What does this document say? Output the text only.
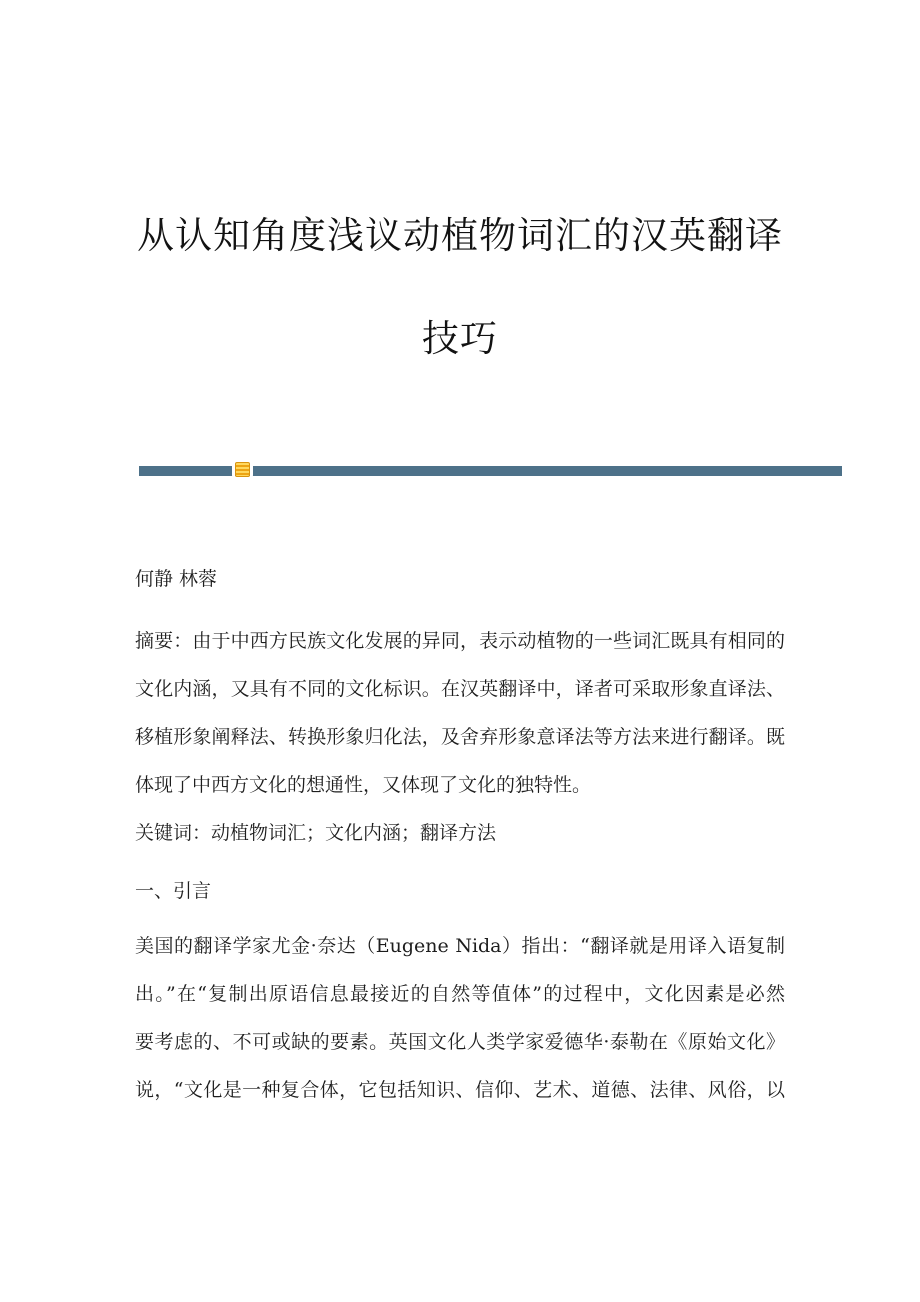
从认知角度浅议动植物词汇的汉英翻译
技巧
何静 林蓉
摘要：由于中西方民族文化发展的异同，表示动植物的一些词汇既具有相同的
文化内涵，又具有不同的文化标识。在汉英翻译中，译者可采取形象直译法、
移植形象阐释法、转换形象归化法，及舍弃形象意译法等方法来进行翻译。既
体现了中西方文化的想通性，又体现了文化的独特性。
关键词：动植物词汇；文化内涵；翻译方法
一、引言
美国的翻译学家尤金·奈达（Eugene Nida）指出：“翻译就是用译入语复制
出。”在“复制出原语信息最接近的自然等值体”的过程中，文化因素是必然
要考虑的、不可或缺的要素。英国文化人类学家爱德华·泰勒在《原始文化》
说，“文化是一种复合体，它包括知识、信仰、艺术、道德、法律、风俗，以
